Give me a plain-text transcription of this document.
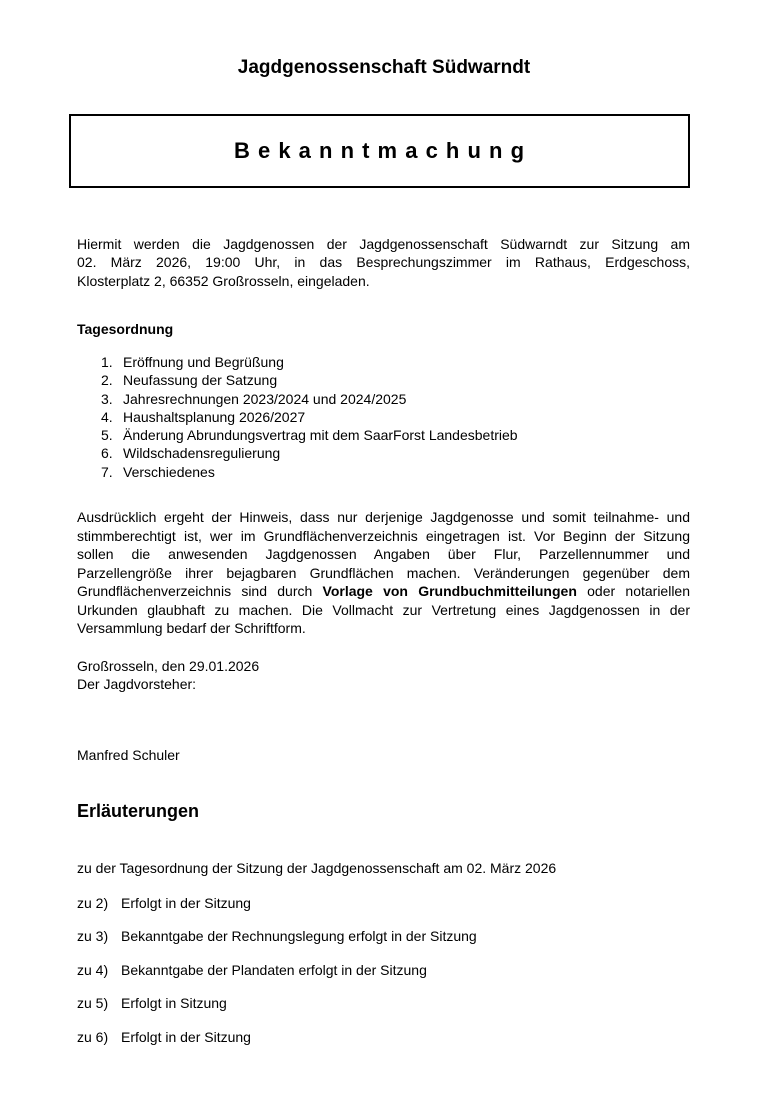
Jagdgenossenschaft Südwarndt
B e k a n n t m a c h u n g
Hiermit werden die Jagdgenossen der Jagdgenossenschaft Südwarndt zur Sitzung am
02. März 2026, 19:00 Uhr, in das Besprechungszimmer im Rathaus, Erdgeschoss,
Klosterplatz 2, 66352 Großrosseln, eingeladen.
Tagesordnung
1. Eröffnung und Begrüßung
2. Neufassung der Satzung
3. Jahresrechnungen 2023/2024 und 2024/2025
4. Haushaltsplanung 2026/2027
5. Änderung Abrundungsvertrag mit dem SaarForst Landesbetrieb
6. Wildschadensregulierung
7. Verschiedenes
Ausdrücklich ergeht der Hinweis, dass nur derjenige Jagdgenosse und somit teilnahme- und
stimmberechtigt ist, wer im Grundflächenverzeichnis eingetragen ist. Vor Beginn der Sitzung
sollen die anwesenden Jagdgenossen Angaben über Flur, Parzellennummer und
Parzellengröße ihrer bejagbaren Grundflächen machen. Veränderungen gegenüber dem
Grundflächenverzeichnis sind durch Vorlage von Grundbuchmitteilungen oder notariellen
Urkunden glaubhaft zu machen. Die Vollmacht zur Vertretung eines Jagdgenossen in der
Versammlung bedarf der Schriftform.
Großrosseln, den 29.01.2026
Der Jagdvorsteher:
Manfred Schuler
Erläuterungen
zu der Tagesordnung der Sitzung der Jagdgenossenschaft am 02. März 2026
zu 2) Erfolgt in der Sitzung
zu 3) Bekanntgabe der Rechnungslegung erfolgt in der Sitzung
zu 4) Bekanntgabe der Plandaten erfolgt in der Sitzung
zu 5) Erfolgt in Sitzung
zu 6) Erfolgt in der Sitzung
